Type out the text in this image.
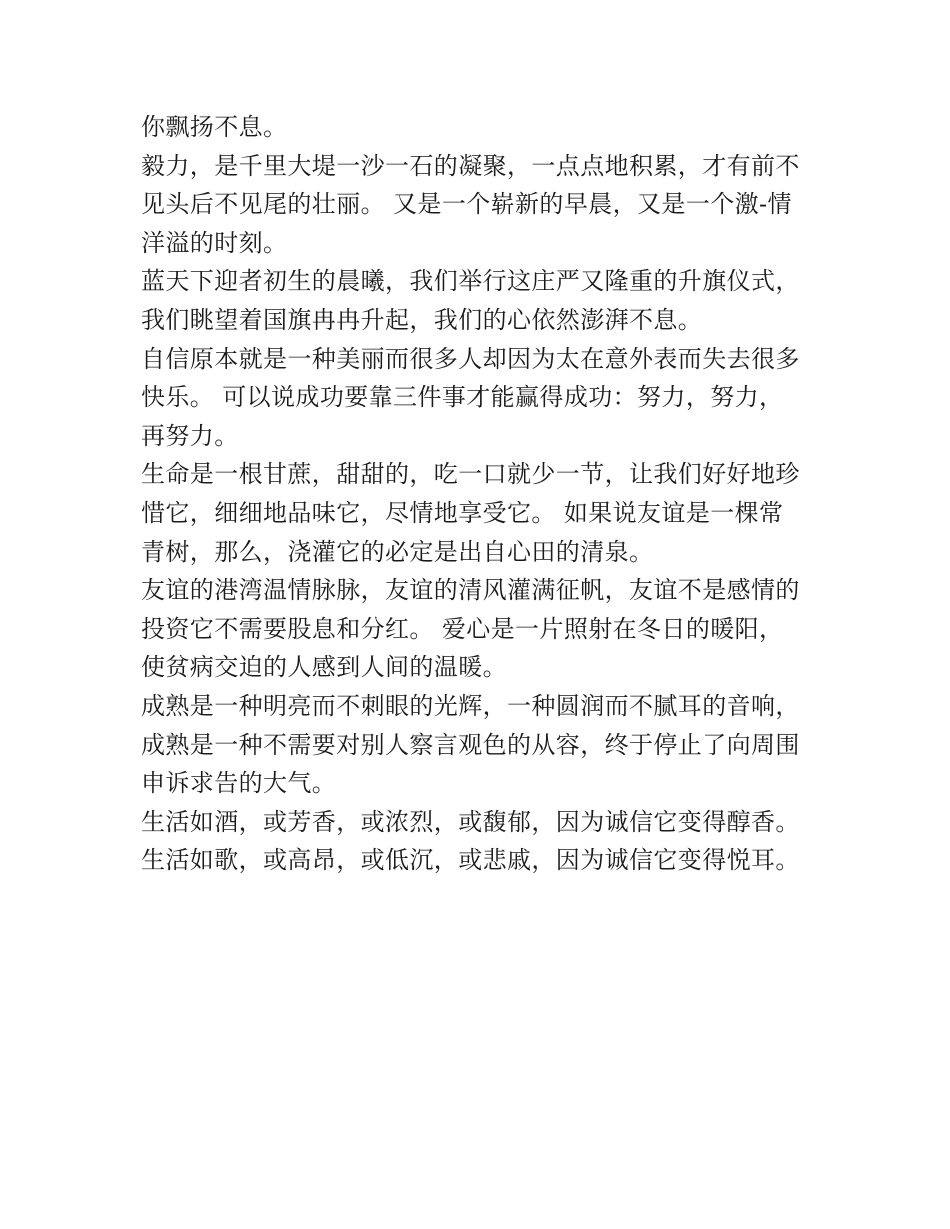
你飘扬不息。
毅力，是千里大堤一沙一石的凝聚，一点点地积累，才有前不
见头后不见尾的壮丽。 又是一个崭新的早晨，又是一个激-情
洋溢的时刻。
蓝天下迎者初生的晨曦，我们举行这庄严又隆重的升旗仪式，
我们眺望着国旗冉冉升起，我们的心依然澎湃不息。
自信原本就是一种美丽而很多人却因为太在意外表而失去很多
快乐。 可以说成功要靠三件事才能赢得成功：努力，努力，
再努力。
生命是一根甘蔗，甜甜的，吃一口就少一节，让我们好好地珍
惜它，细细地品味它，尽情地享受它。 如果说友谊是一棵常
青树，那么，浇灌它的必定是出自心田的清泉。
友谊的港湾温情脉脉，友谊的清风灌满征帆，友谊不是感情的
投资它不需要股息和分红。 爱心是一片照射在冬日的暖阳，
使贫病交迫的人感到人间的温暖。
成熟是一种明亮而不刺眼的光辉，一种圆润而不腻耳的音响，
成熟是一种不需要对别人察言观色的从容，终于停止了向周围
申诉求告的大气。
生活如酒，或芳香，或浓烈，或馥郁，因为诚信它变得醇香。
生活如歌，或高昂，或低沉，或悲戚，因为诚信它变得悦耳。
